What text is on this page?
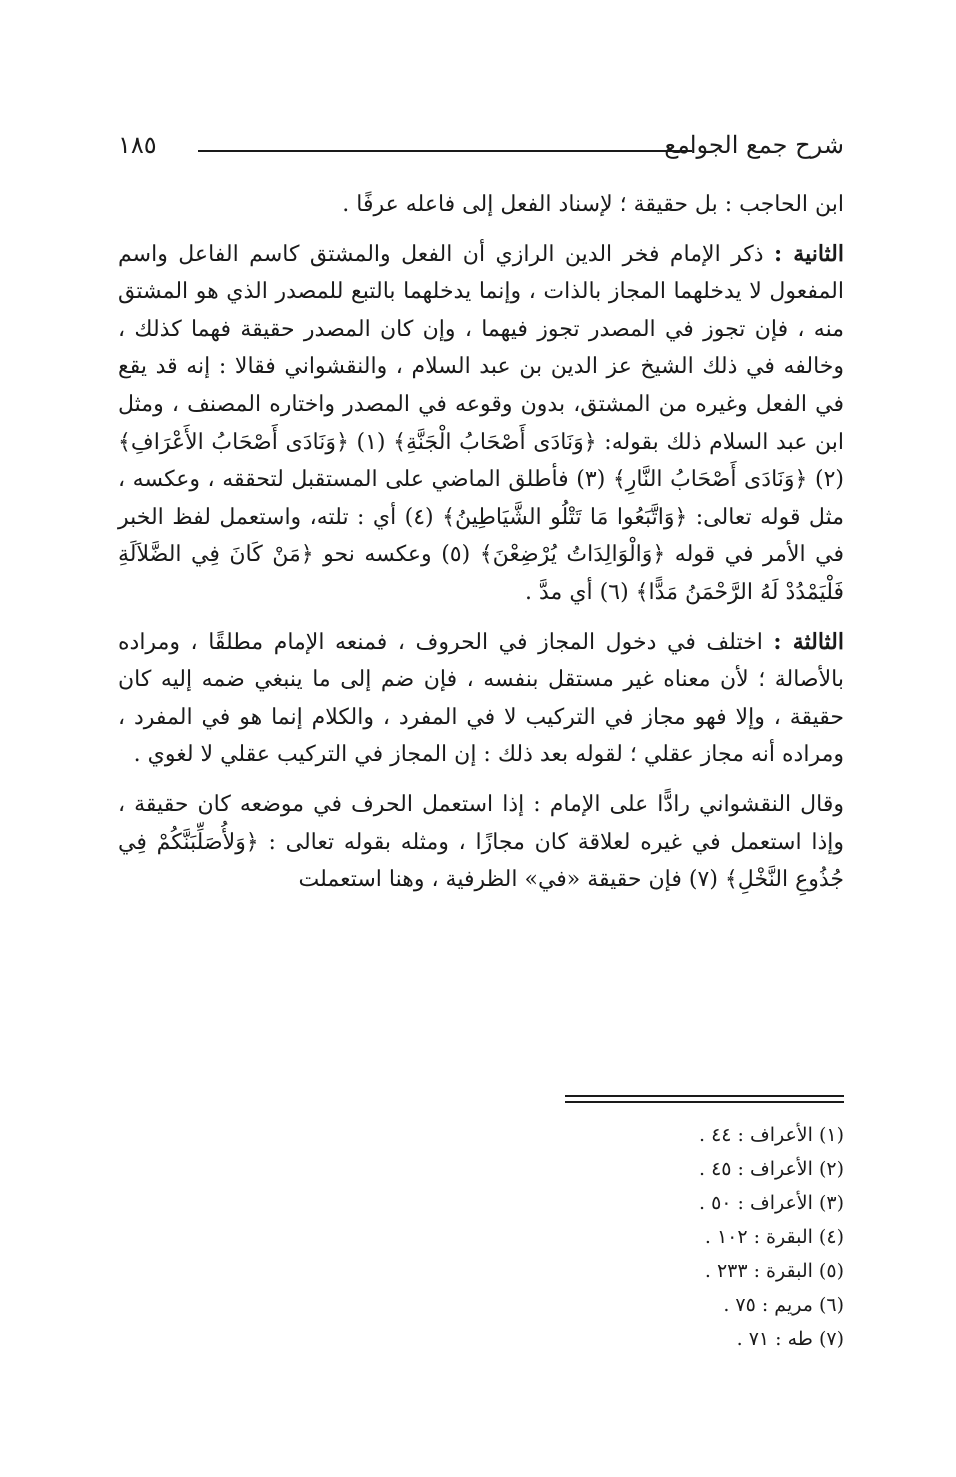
شرح جمع الجوامع
١٨٥

ابن الحاجب : بل حقيقة ؛ لإسناد الفعل إلى فاعله عرفًا .

الثانية : ذكر الإمام فخر الدين الرازي أن الفعل والمشتق كاسم الفاعل واسم المفعول لا يدخلهما المجاز بالذات ، وإنما يدخلهما بالتبع للمصدر الذي هو المشتق منه ، فإن تجوز في المصدر تجوز فيهما ، وإن كان المصدر حقيقة فهما كذلك ، وخالفه في ذلك الشيخ عز الدين بن عبد السلام ، والنقشواني فقالا : إنه قد يقع في الفعل وغيره من المشتق، بدون وقوعه في المصدر واختاره المصنف ، ومثل ابن عبد السلام ذلك بقوله: ﴿وَنَادَى أَصْحَابُ الْجَنَّةِ﴾ (١) ﴿وَنَادَى أَصْحَابُ الأَعْرَافِ﴾ (٢) ﴿وَنَادَى أَصْحَابُ النَّارِ﴾ (٣) فأطلق الماضي على المستقبل لتحققه ، وعكسه ، مثل قوله تعالى: ﴿وَاتَّبَعُوا مَا تَتْلُو الشَّيَاطِينُ﴾ (٤) أي : تلته، واستعمل لفظ الخبر في الأمر في قوله ﴿وَالْوَالِدَاتُ يُرْضِعْنَ﴾ (٥) وعكسه نحو ﴿مَنْ كَانَ فِي الضَّلاَلَةِ فَلْيَمْدُدْ لَهُ الرَّحْمَنُ مَدًّا﴾ (٦) أي مدَّ .

الثالثة : اختلف في دخول المجاز في الحروف ، فمنعه الإمام مطلقًا ، ومراده بالأصالة ؛ لأن معناه غير مستقل بنفسه ، فإن ضم إلى ما ينبغي ضمه إليه كان حقيقة ، وإلا فهو مجاز في التركيب لا في المفرد ، والكلام إنما هو في المفرد ، ومراده أنه مجاز عقلي ؛ لقوله بعد ذلك : إن المجاز في التركيب عقلي لا لغوي .

وقال النقشواني رادًّا على الإمام : إذا استعمل الحرف في موضعه كان حقيقة ، وإذا استعمل في غيره لعلاقة كان مجازًا ، ومثله بقوله تعالى : ﴿وَلأُصَلِّبَنَّكُمْ فِي جُذُوعِ النَّخْلِ﴾ (٧) فإن حقيقة «في» الظرفية ، وهنا استعملت

(١) الأعراف : ٤٤ .
(٢) الأعراف : ٤٥ .
(٣) الأعراف : ٥٠ .
(٤) البقرة : ١٠٢ .
(٥) البقرة : ٢٣٣ .
(٦) مريم : ٧٥ .
(٧) طه : ٧١ .
